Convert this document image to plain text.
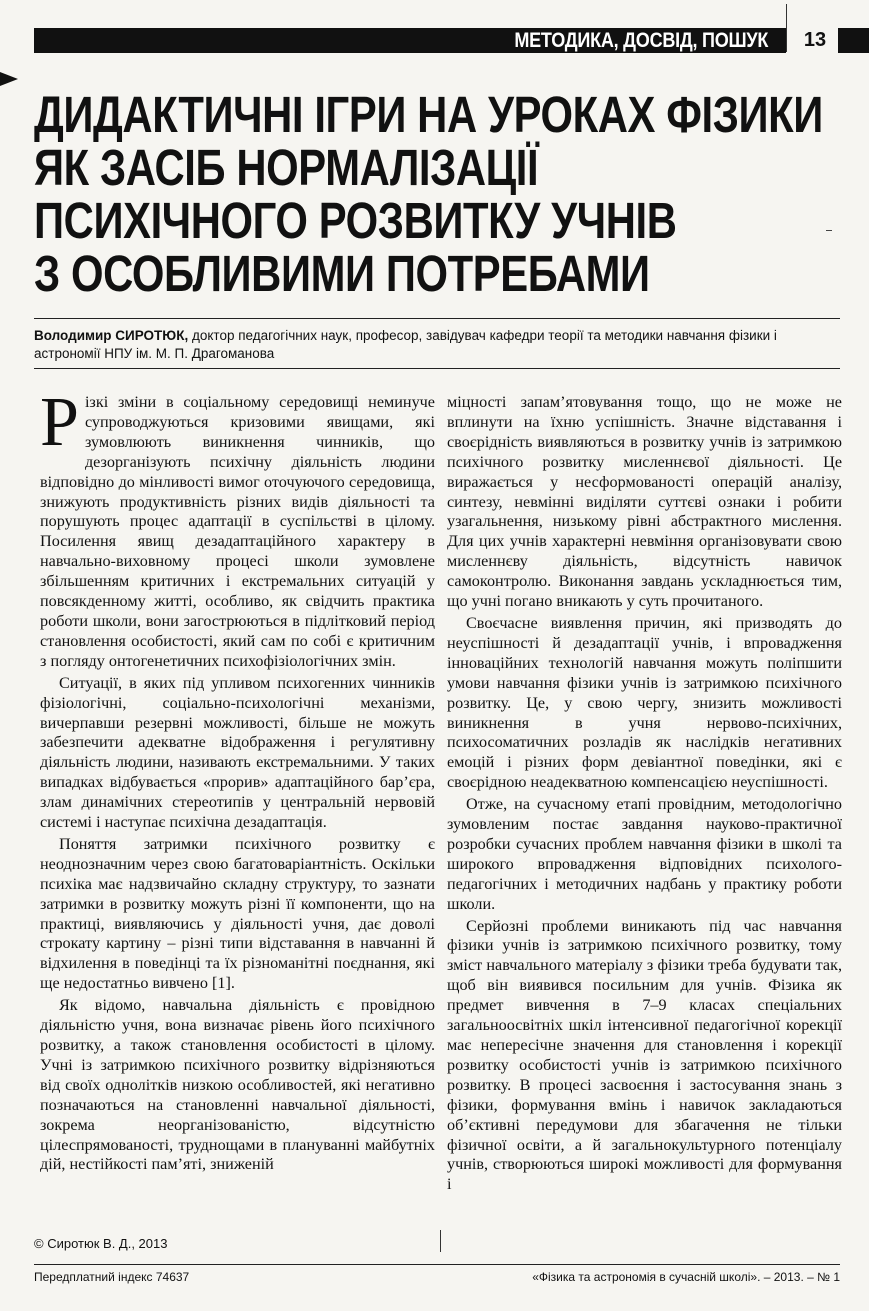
МЕТОДИКА, ДОСВІД, ПОШУК	13
ДИДАКТИЧНІ ІГРИ НА УРОКАХ ФІЗИКИ
ЯК ЗАСІБ НОРМАЛІЗАЦІЇ
ПСИХІЧНОГО РОЗВИТКУ УЧНІВ
З ОСОБЛИВИМИ ПОТРЕБАМИ
Володимир СИРОТЮК, доктор педагогічних наук, професор, завідувач кафедри теорії та методики навчання фізики і астрономії НПУ ім. М. П. Драгоманова

Різкі зміни в соціальному середовищі неминуче супроводжуються кризовими явищами, які зумовлюють виникнення чинників, що дезорганізують психічну діяльність людини відповідно до мінливості вимог оточуючого середовища, знижують продуктивність різних видів діяльності та порушують процес адаптації в суспільстві в цілому. Посилення явищ дезадаптаційного характеру в навчально-виховному процесі школи зумовлене збільшенням критичних і екстремальних ситуацій у повсякденному житті, особливо, як свідчить практика роботи школи, вони загострюються в підлітковий період становлення особистості, який сам по собі є критичним з погляду онтогенетичних психофізіологічних змін.

Ситуації, в яких під упливом психогенних чинників фізіологічні, соціально-психологічні механізми, вичерпавши резервні можливості, більше не можуть забезпечити адекватне відображення і регулятивну діяльність людини, називають екстремальними. У таких випадках відбувається «прорив» адаптаційного бар’єра, злам динамічних стереотипів у центральній нервовій системі і наступає психічна дезадаптація.

Поняття затримки психічного розвитку є неоднозначним через свою багатоваріантність. Оскільки психіка має надзвичайно складну структуру, то зазнати затримки в розвитку можуть різні її компоненти, що на практиці, виявляючись у діяльності учня, дає доволі строкату картину – різні типи відставання в навчанні й відхилення в поведінці та їх різноманітні поєднання, які ще недостатньо вивчено [1].

Як відомо, навчальна діяльність є провідною діяльністю учня, вона визначає рівень його психічного розвитку, а також становлення особистості в цілому. Учні із затримкою психічного розвитку відрізняються від своїх однолітків низкою особливостей, які негативно позначаються на становленні навчальної діяльності, зокрема неорганізованістю, відсутністю цілеспрямованості, труднощами в плануванні майбутніх дій, нестійкості пам’яті, зниженій

міцності запам’ятовування тощо, що не може не вплинути на їхню успішність. Значне відставання і своєрідність виявляються в розвитку учнів із затримкою психічного розвитку мисленнєвої діяльності. Це виражається у несформованості операцій аналізу, синтезу, невмінні виділяти суттєві ознаки і робити узагальнення, низькому рівні абстрактного мислення. Для цих учнів характерні невміння організовувати свою мисленнєву діяльність, відсутність навичок самоконтролю. Виконання завдань ускладнюється тим, що учні погано вникають у суть прочитаного.

Своєчасне виявлення причин, які призводять до неуспішності й дезадаптації учнів, і впровадження інноваційних технологій навчання можуть поліпшити умови навчання фізики учнів із затримкою психічного розвитку. Це, у свою чергу, знизить можливості виникнення в учня нервово-психічних, психосоматичних розладів як наслідків негативних емоцій і різних форм девіантної поведінки, які є своєрідною неадекватною компенсацією неуспішності.

Отже, на сучасному етапі провідним, методологічно зумовленим постає завдання науково-практичної розробки сучасних проблем навчання фізики в школі та широкого впровадження відповідних психолого-педагогічних і методичних надбань у практику роботи школи.

Серйозні проблеми виникають під час навчання фізики учнів із затримкою психічного розвитку, тому зміст навчального матеріалу з фізики треба будувати так, щоб він виявився посильним для учнів. Фізика як предмет вивчення в 7–9 класах спеціальних загальноосвітніх шкіл інтенсивної педагогічної корекції має непересічне значення для становлення і корекції розвитку особистості учнів із затримкою психічного розвитку. В процесі засвоєння і застосування знань з фізики, формування вмінь і навичок закладаються об’єктивні передумови для збагачення не тільки фізичної освіти, а й загальнокультурного потенціалу учнів, створюються широкі можливості для формування і

© Сиротюк В. Д., 2013
Передплатний індекс 74637	«Фізика та астрономія в сучасній школі». – 2013. – № 1
